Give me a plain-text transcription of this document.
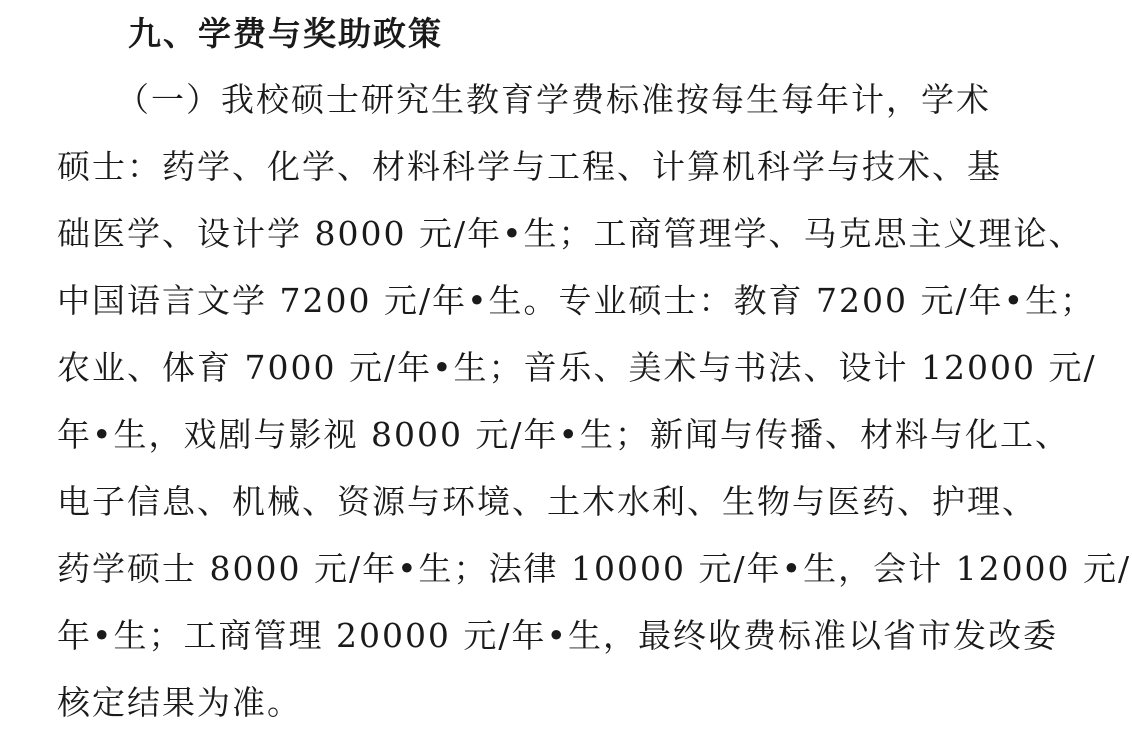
九、学费与奖助政策
（一）我校硕士研究生教育学费标准按每生每年计，学术
硕士：药学、化学、材料科学与工程、计算机科学与技术、基
础医学、设计学 8000 元/年•生；工商管理学、马克思主义理论、
中国语言文学 7200 元/年•生。专业硕士：教育 7200 元/年•生；
农业、体育 7000 元/年•生；音乐、美术与书法、设计 12000 元/
年•生，戏剧与影视 8000 元/年•生；新闻与传播、材料与化工、
电子信息、机械、资源与环境、土木水利、生物与医药、护理、
药学硕士 8000 元/年•生；法律 10000 元/年•生，会计 12000 元/
年•生；工商管理 20000 元/年•生，最终收费标准以省市发改委
核定结果为准。
